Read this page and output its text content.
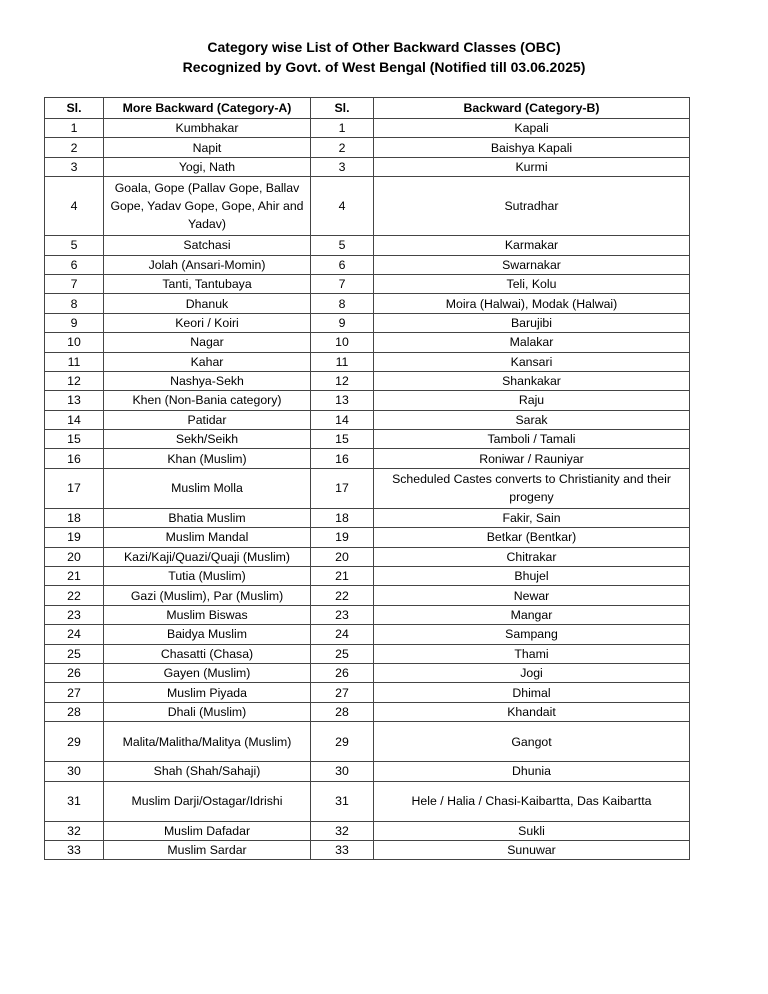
Category wise List of Other Backward Classes (OBC)
Recognized by Govt. of West Bengal (Notified till 03.06.2025)
Sl.	More Backward (Category-A)	Sl.	Backward (Category-B)
1	Kumbhakar	1	Kapali
2	Napit	2	Baishya Kapali
3	Yogi, Nath	3	Kurmi
4	Goala, Gope (Pallav Gope, Ballav Gope, Yadav Gope, Gope, Ahir and Yadav)	4	Sutradhar
5	Satchasi	5	Karmakar
6	Jolah (Ansari-Momin)	6	Swarnakar
7	Tanti, Tantubaya	7	Teli, Kolu
8	Dhanuk	8	Moira (Halwai), Modak (Halwai)
9	Keori / Koiri	9	Barujibi
10	Nagar	10	Malakar
11	Kahar	11	Kansari
12	Nashya-Sekh	12	Shankakar
13	Khen (Non-Bania category)	13	Raju
14	Patidar	14	Sarak
15	Sekh/Seikh	15	Tamboli / Tamali
16	Khan (Muslim)	16	Roniwar / Rauniyar
17	Muslim Molla	17	Scheduled Castes converts to Christianity and their progeny
18	Bhatia Muslim	18	Fakir, Sain
19	Muslim Mandal	19	Betkar (Bentkar)
20	Kazi/Kaji/Quazi/Quaji (Muslim)	20	Chitrakar
21	Tutia (Muslim)	21	Bhujel
22	Gazi (Muslim), Par (Muslim)	22	Newar
23	Muslim Biswas	23	Mangar
24	Baidya Muslim	24	Sampang
25	Chasatti (Chasa)	25	Thami
26	Gayen (Muslim)	26	Jogi
27	Muslim Piyada	27	Dhimal
28	Dhali (Muslim)	28	Khandait
29	Malita/Malitha/Malitya (Muslim)	29	Gangot
30	Shah (Shah/Sahaji)	30	Dhunia
31	Muslim Darji/Ostagar/Idrishi	31	Hele / Halia / Chasi-Kaibartta, Das Kaibartta
32	Muslim Dafadar	32	Sukli
33	Muslim Sardar	33	Sunuwar
